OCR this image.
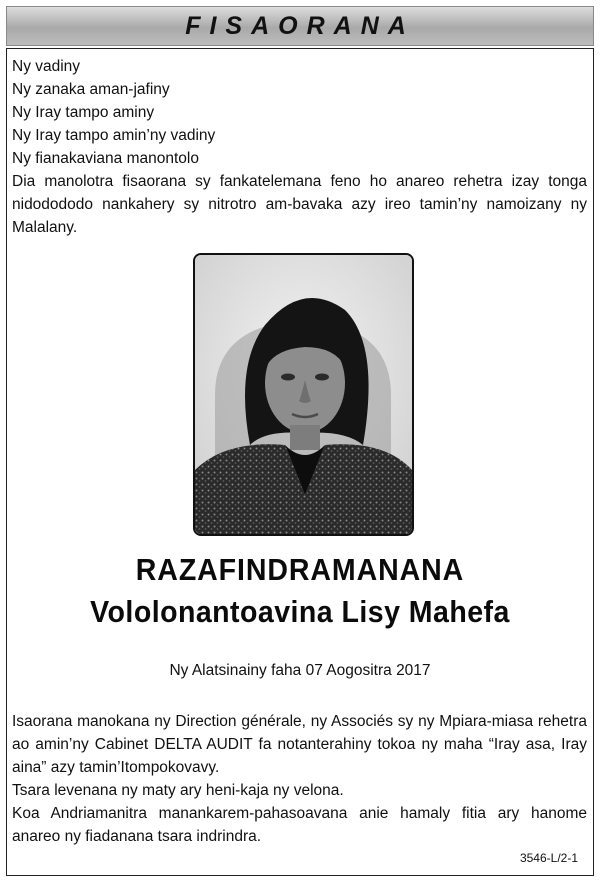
FISAORANA
Ny vadiny
Ny zanaka aman-jafiny
Ny Iray tampo aminy
Ny Iray tampo amin’ny vadiny
Ny fianakaviana manontolo
Dia manolotra fisaorana sy fankatelemana feno ho anareo rehetra izay tonga nidodododo nankahery sy nitrotro am-bavaka azy ireo tamin’ny namoizany ny Malalany.
RAZAFINDRAMANANA
Vololonantoavina Lisy Mahefa
Ny Alatsinainy faha 07 Aogositra 2017
Isaorana manokana ny Direction générale, ny Associés sy ny Mpiara-miasa rehetra ao amin’ny Cabinet DELTA AUDIT fa notanterahiny tokoa ny maha “Iray asa, Iray aina” azy tamin’Itompokovavy.
Tsara levenana ny maty ary heni-kaja ny velona.
Koa Andriamanitra manankarem-pahasoavana anie hamaly fitia ary hanome anareo ny fiadanana tsara indrindra.
3546-L/2-1
